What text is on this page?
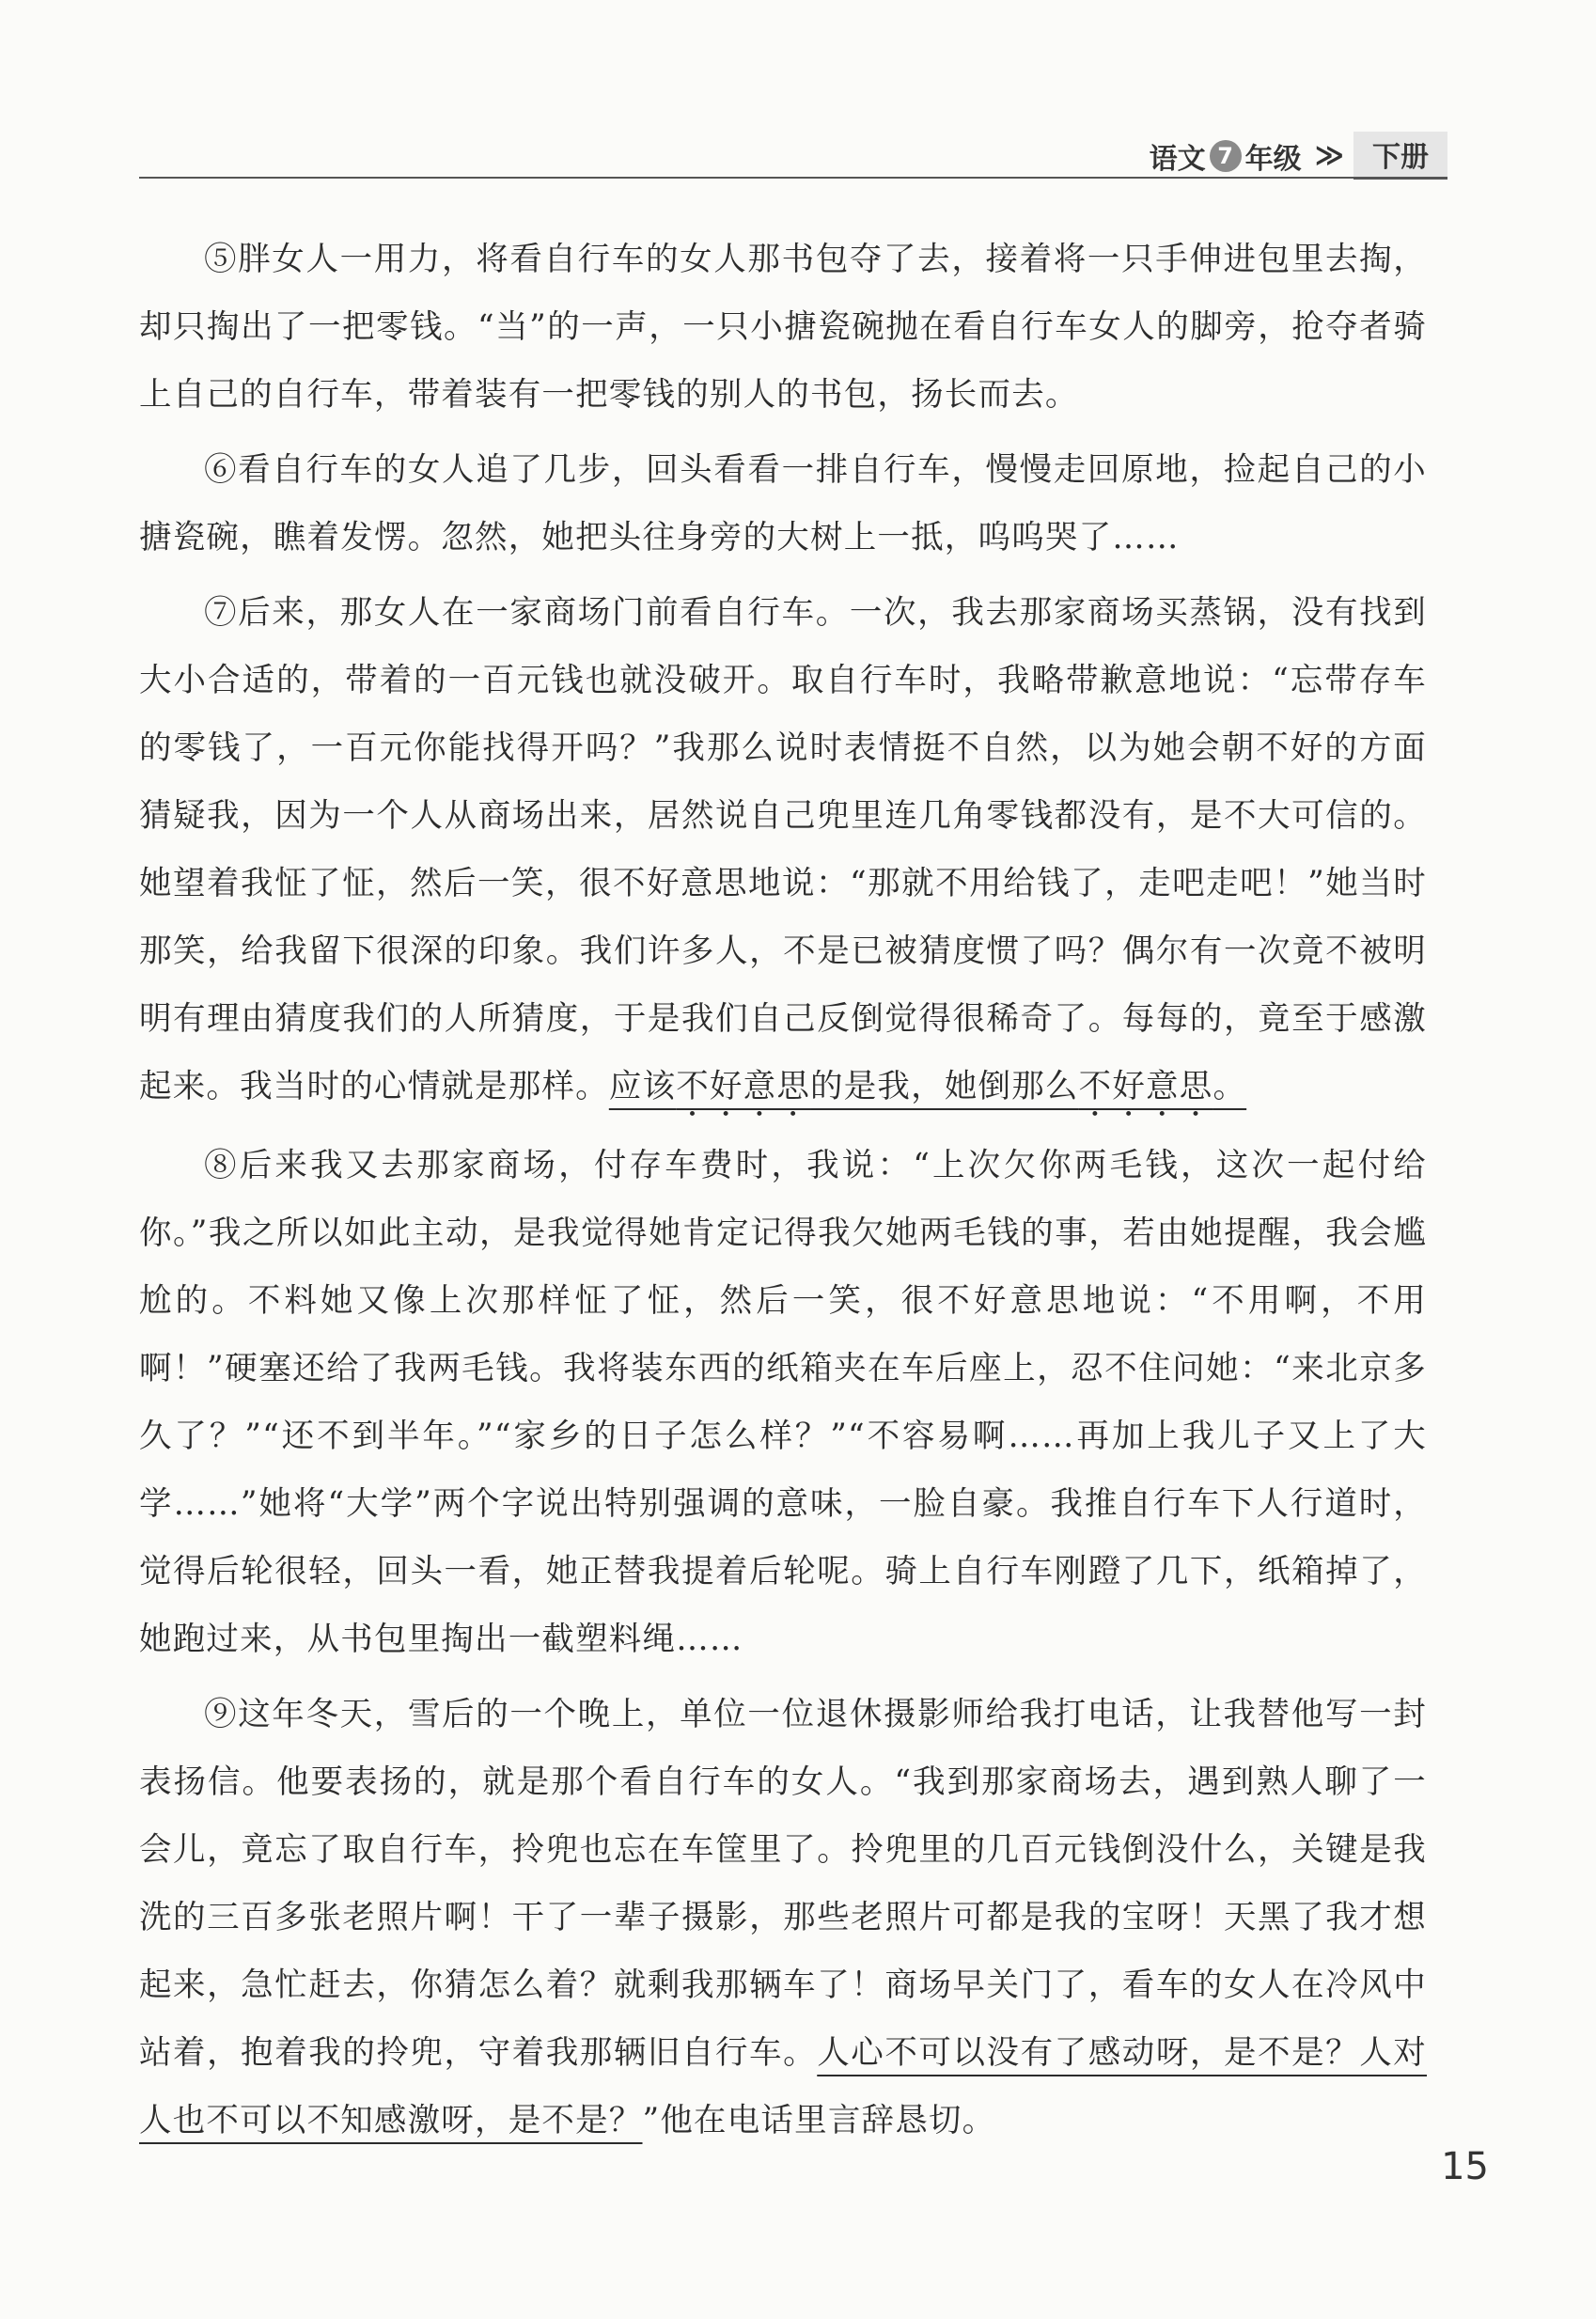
语文 7 年级 ≫	下册

⑤胖女人一用力，将看自行车的女人那书包夺了去，接着将一只手伸进包里去掏，却只掏出了一把零钱。“当”的一声，一只小搪瓷碗抛在看自行车女人的脚旁，抢夺者骑上自己的自行车，带着装有一把零钱的别人的书包，扬长而去。

⑥看自行车的女人追了几步，回头看看一排自行车，慢慢走回原地，捡起自己的小搪瓷碗，瞧着发愣。忽然，她把头往身旁的大树上一抵，呜呜哭了……

⑦后来，那女人在一家商场门前看自行车。一次，我去那家商场买蒸锅，没有找到大小合适的，带着的一百元钱也就没破开。取自行车时，我略带歉意地说：“忘带存车的零钱了，一百元你能找得开吗？”我那么说时表情挺不自然，以为她会朝不好的方面猜疑我，因为一个人从商场出来，居然说自己兜里连几角零钱都没有，是不大可信的。她望着我怔了怔，然后一笑，很不好意思地说：“那就不用给钱了，走吧走吧！”她当时那笑，给我留下很深的印象。我们许多人，不是已被猜度惯了吗？偶尔有一次竟不被明明有理由猜度我们的人所猜度，于是我们自己反倒觉得很稀奇了。每每的，竟至于感激起来。我当时的心情就是那样。应该不好意思的是我，她倒那么不好意思。

⑧后来我又去那家商场，付存车费时，我说：“上次欠你两毛钱，这次一起付给你。”我之所以如此主动，是我觉得她肯定记得我欠她两毛钱的事，若由她提醒，我会尴尬的。不料她又像上次那样怔了怔，然后一笑，很不好意思地说：“不用啊，不用啊！”硬塞还给了我两毛钱。我将装东西的纸箱夹在车后座上，忍不住问她：“来北京多久了？”“还不到半年。”“家乡的日子怎么样？”“不容易啊……再加上我儿子又上了大学……”她将“大学”两个字说出特别强调的意味，一脸自豪。我推自行车下人行道时，觉得后轮很轻，回头一看，她正替我提着后轮呢。骑上自行车刚蹬了几下，纸箱掉了，她跑过来，从书包里掏出一截塑料绳……

⑨这年冬天，雪后的一个晚上，单位一位退休摄影师给我打电话，让我替他写一封表扬信。他要表扬的，就是那个看自行车的女人。“我到那家商场去，遇到熟人聊了一会儿，竟忘了取自行车，拎兜也忘在车筐里了。拎兜里的几百元钱倒没什么，关键是我洗的三百多张老照片啊！干了一辈子摄影，那些老照片可都是我的宝呀！天黑了我才想起来，急忙赶去，你猜怎么着？就剩我那辆车了！商场早关门了，看车的女人在冷风中站着，抱着我的拎兜，守着我那辆旧自行车。人心不可以没有了感动呀，是不是？人对人也不可以不知感激呀，是不是？”他在电话里言辞恳切。

15
